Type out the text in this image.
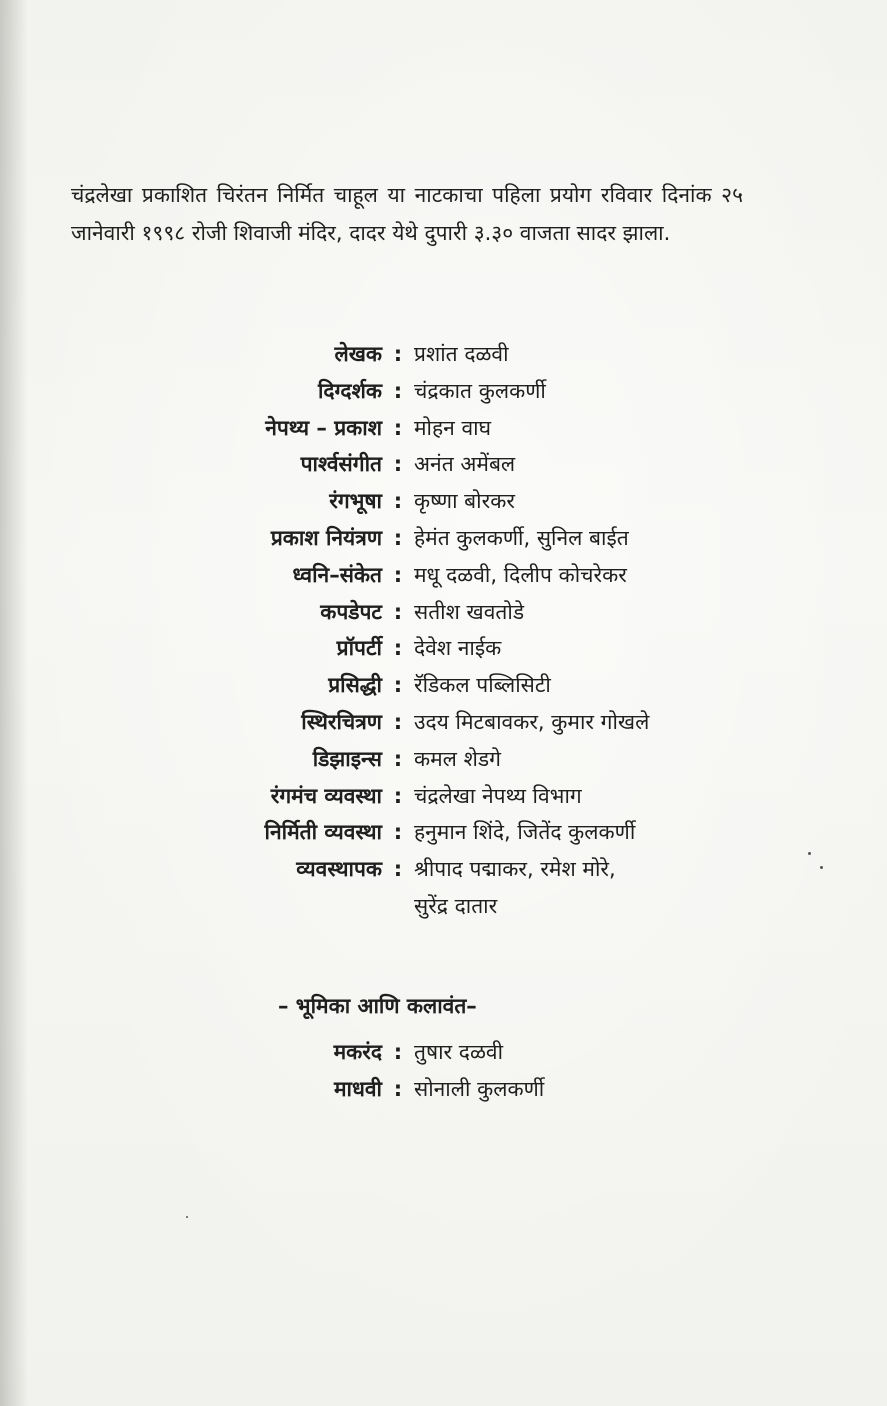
चंद्रलेखा प्रकाशित चिरंतन निर्मित चाहूल या नाटकाचा पहिला प्रयोग रविवार दिनांक २५ जानेवारी १९९८ रोजी शिवाजी मंदिर, दादर येथे दुपारी ३.३० वाजता सादर झाला.

लेखक : प्रशांत दळवी
दिग्दर्शक : चंद्रकात कुलकर्णी
नेपथ्य – प्रकाश : मोहन वाघ
पार्श्वसंगीत : अनंत अमेंबल
रंगभूषा : कृष्णा बोरकर
प्रकाश नियंत्रण : हेमंत कुलकर्णी, सुनिल बाईत
ध्वनि–संकेत : मधू दळवी, दिलीप कोचरेकर
कपडेपट : सतीश खवतोडे
प्रॉपर्टी : देवेश नाईक
प्रसिद्धी : रॅडिकल पब्लिसिटी
स्थिरचित्रण : उदय मिटबावकर, कुमार गोखले
डिझाइन्स : कमल शेडगे
रंगमंच व्यवस्था : चंद्रलेखा नेपथ्य विभाग
निर्मिती व्यवस्था : हनुमान शिंदे, जितेंद कुलकर्णी
व्यवस्थापक : श्रीपाद पद्माकर, रमेश मोरे,
सुरेंद्र दातार
– भूमिका आणि कलावंत–
मकरंद : तुषार दळवी
माधवी : सोनाली कुलकर्णी
